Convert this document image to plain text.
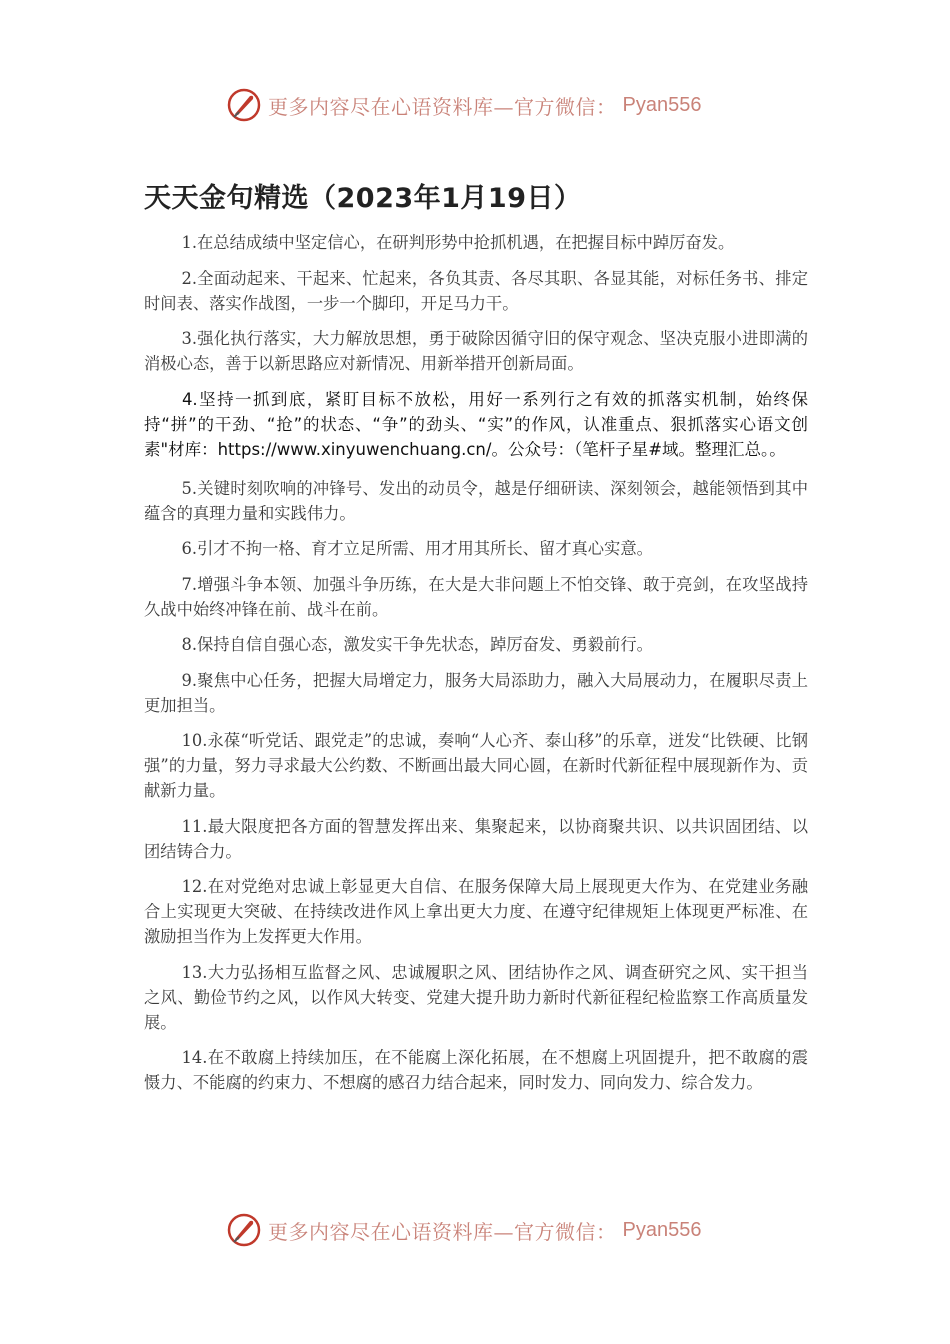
更多内容尽在心语资料库—官方微信： Pyan556
天天金句精选（2023年1月19日）

1.在总结成绩中坚定信心，在研判形势中抢抓机遇，在把握目标中踔厉奋发。

2.全面动起来、干起来、忙起来，各负其责、各尽其职、各显其能，对标任务书、排定时间表、落实作战图，一步一个脚印，开足马力干。

3.强化执行落实，大力解放思想，勇于破除因循守旧的保守观念、坚决克服小进即满的消极心态，善于以新思路应对新情况、用新举措开创新局面。

4.坚持一抓到底，紧盯目标不放松，用好一系列行之有效的抓落实机制，始终保持“拼”的干劲、“抢”的状态、“争”的劲头、“实”的作风，认准重点、狠抓落实心语文创素"材库：https://www.xinyuwenchuang.cn/。公众号：（笔杆子星#域。整理汇总。。

5.关键时刻吹响的冲锋号、发出的动员令，越是仔细研读、深刻领会，越能领悟到其中蕴含的真理力量和实践伟力。

6.引才不拘一格、育才立足所需、用才用其所长、留才真心实意。

7.增强斗争本领、加强斗争历练，在大是大非问题上不怕交锋、敢于亮剑，在攻坚战持久战中始终冲锋在前、战斗在前。

8.保持自信自强心态，激发实干争先状态，踔厉奋发、勇毅前行。

9.聚焦中心任务，把握大局增定力，服务大局添助力，融入大局展动力，在履职尽责上更加担当。

10.永葆“听党话、跟党走”的忠诚，奏响“人心齐、泰山移”的乐章，迸发“比铁硬、比钢强”的力量，努力寻求最大公约数、不断画出最大同心圆，在新时代新征程中展现新作为、贡献新力量。

11.最大限度把各方面的智慧发挥出来、集聚起来，以协商聚共识、以共识固团结、以团结铸合力。

12.在对党绝对忠诚上彰显更大自信、在服务保障大局上展现更大作为、在党建业务融合上实现更大突破、在持续改进作风上拿出更大力度、在遵守纪律规矩上体现更严标准、在激励担当作为上发挥更大作用。

13.大力弘扬相互监督之风、忠诚履职之风、团结协作之风、调查研究之风、实干担当之风、勤俭节约之风，以作风大转变、党建大提升助力新时代新征程纪检监察工作高质量发展。

14.在不敢腐上持续加压，在不能腐上深化拓展，在不想腐上巩固提升，把不敢腐的震慑力、不能腐的约束力、不想腐的感召力结合起来，同时发力、同向发力、综合发力。

更多内容尽在心语资料库—官方微信： Pyan556
